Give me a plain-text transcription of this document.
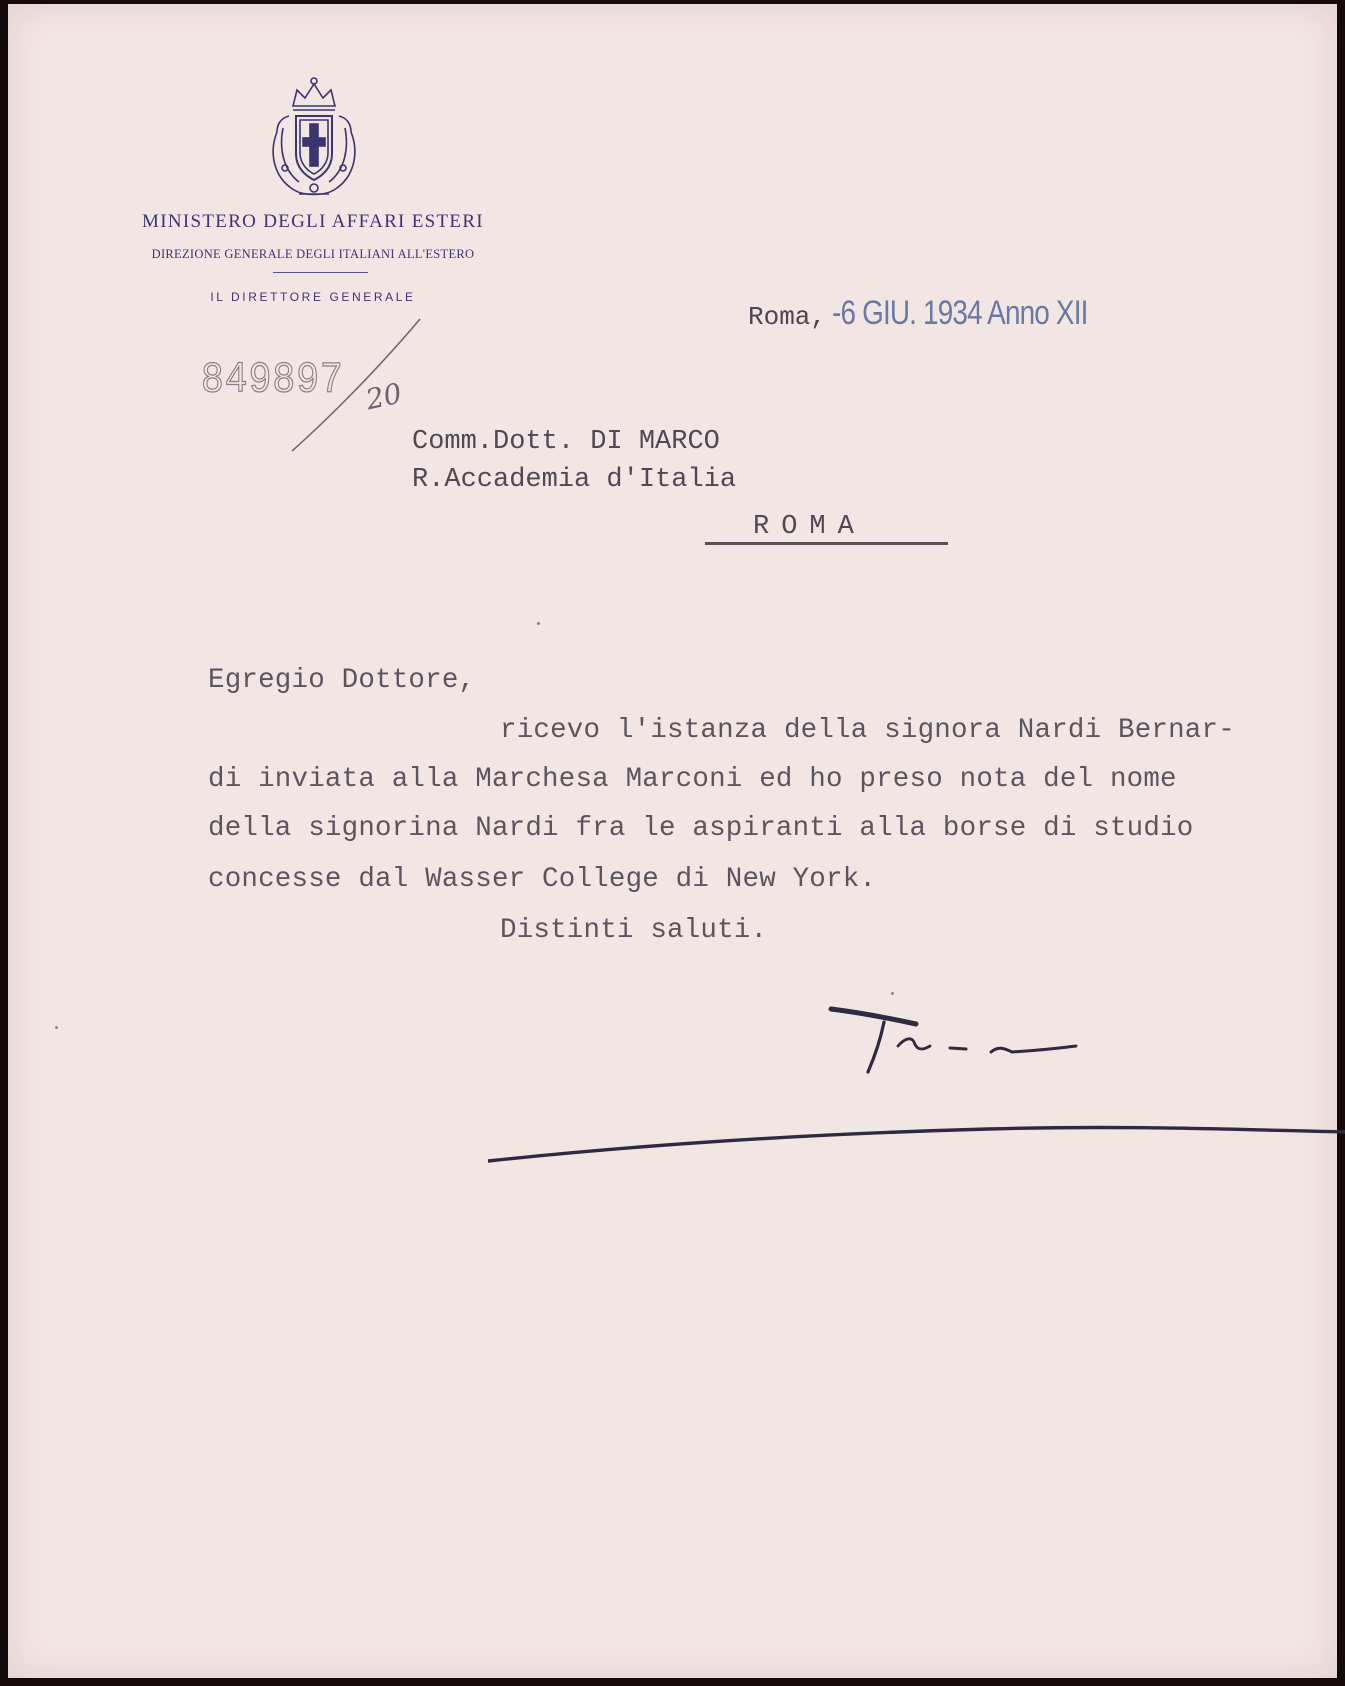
MINISTERO DEGLI AFFARI ESTERI
DIREZIONE GENERALE DEGLI ITALIANI ALL'ESTERO
IL DIRETTORE GENERALE
Roma, -6 GIU. 1934 Anno XII
849897 20
Comm.Dott. DI MARCO
R.Accademia d'Italia
ROMA
Egregio Dottore,
ricevo l'istanza della signora Nardi Bernar-
di inviata alla Marchesa Marconi ed ho preso nota del nome
della signorina Nardi fra le aspiranti alla borse di studio
concesse dal Wasser College di New York.
Distinti saluti.
